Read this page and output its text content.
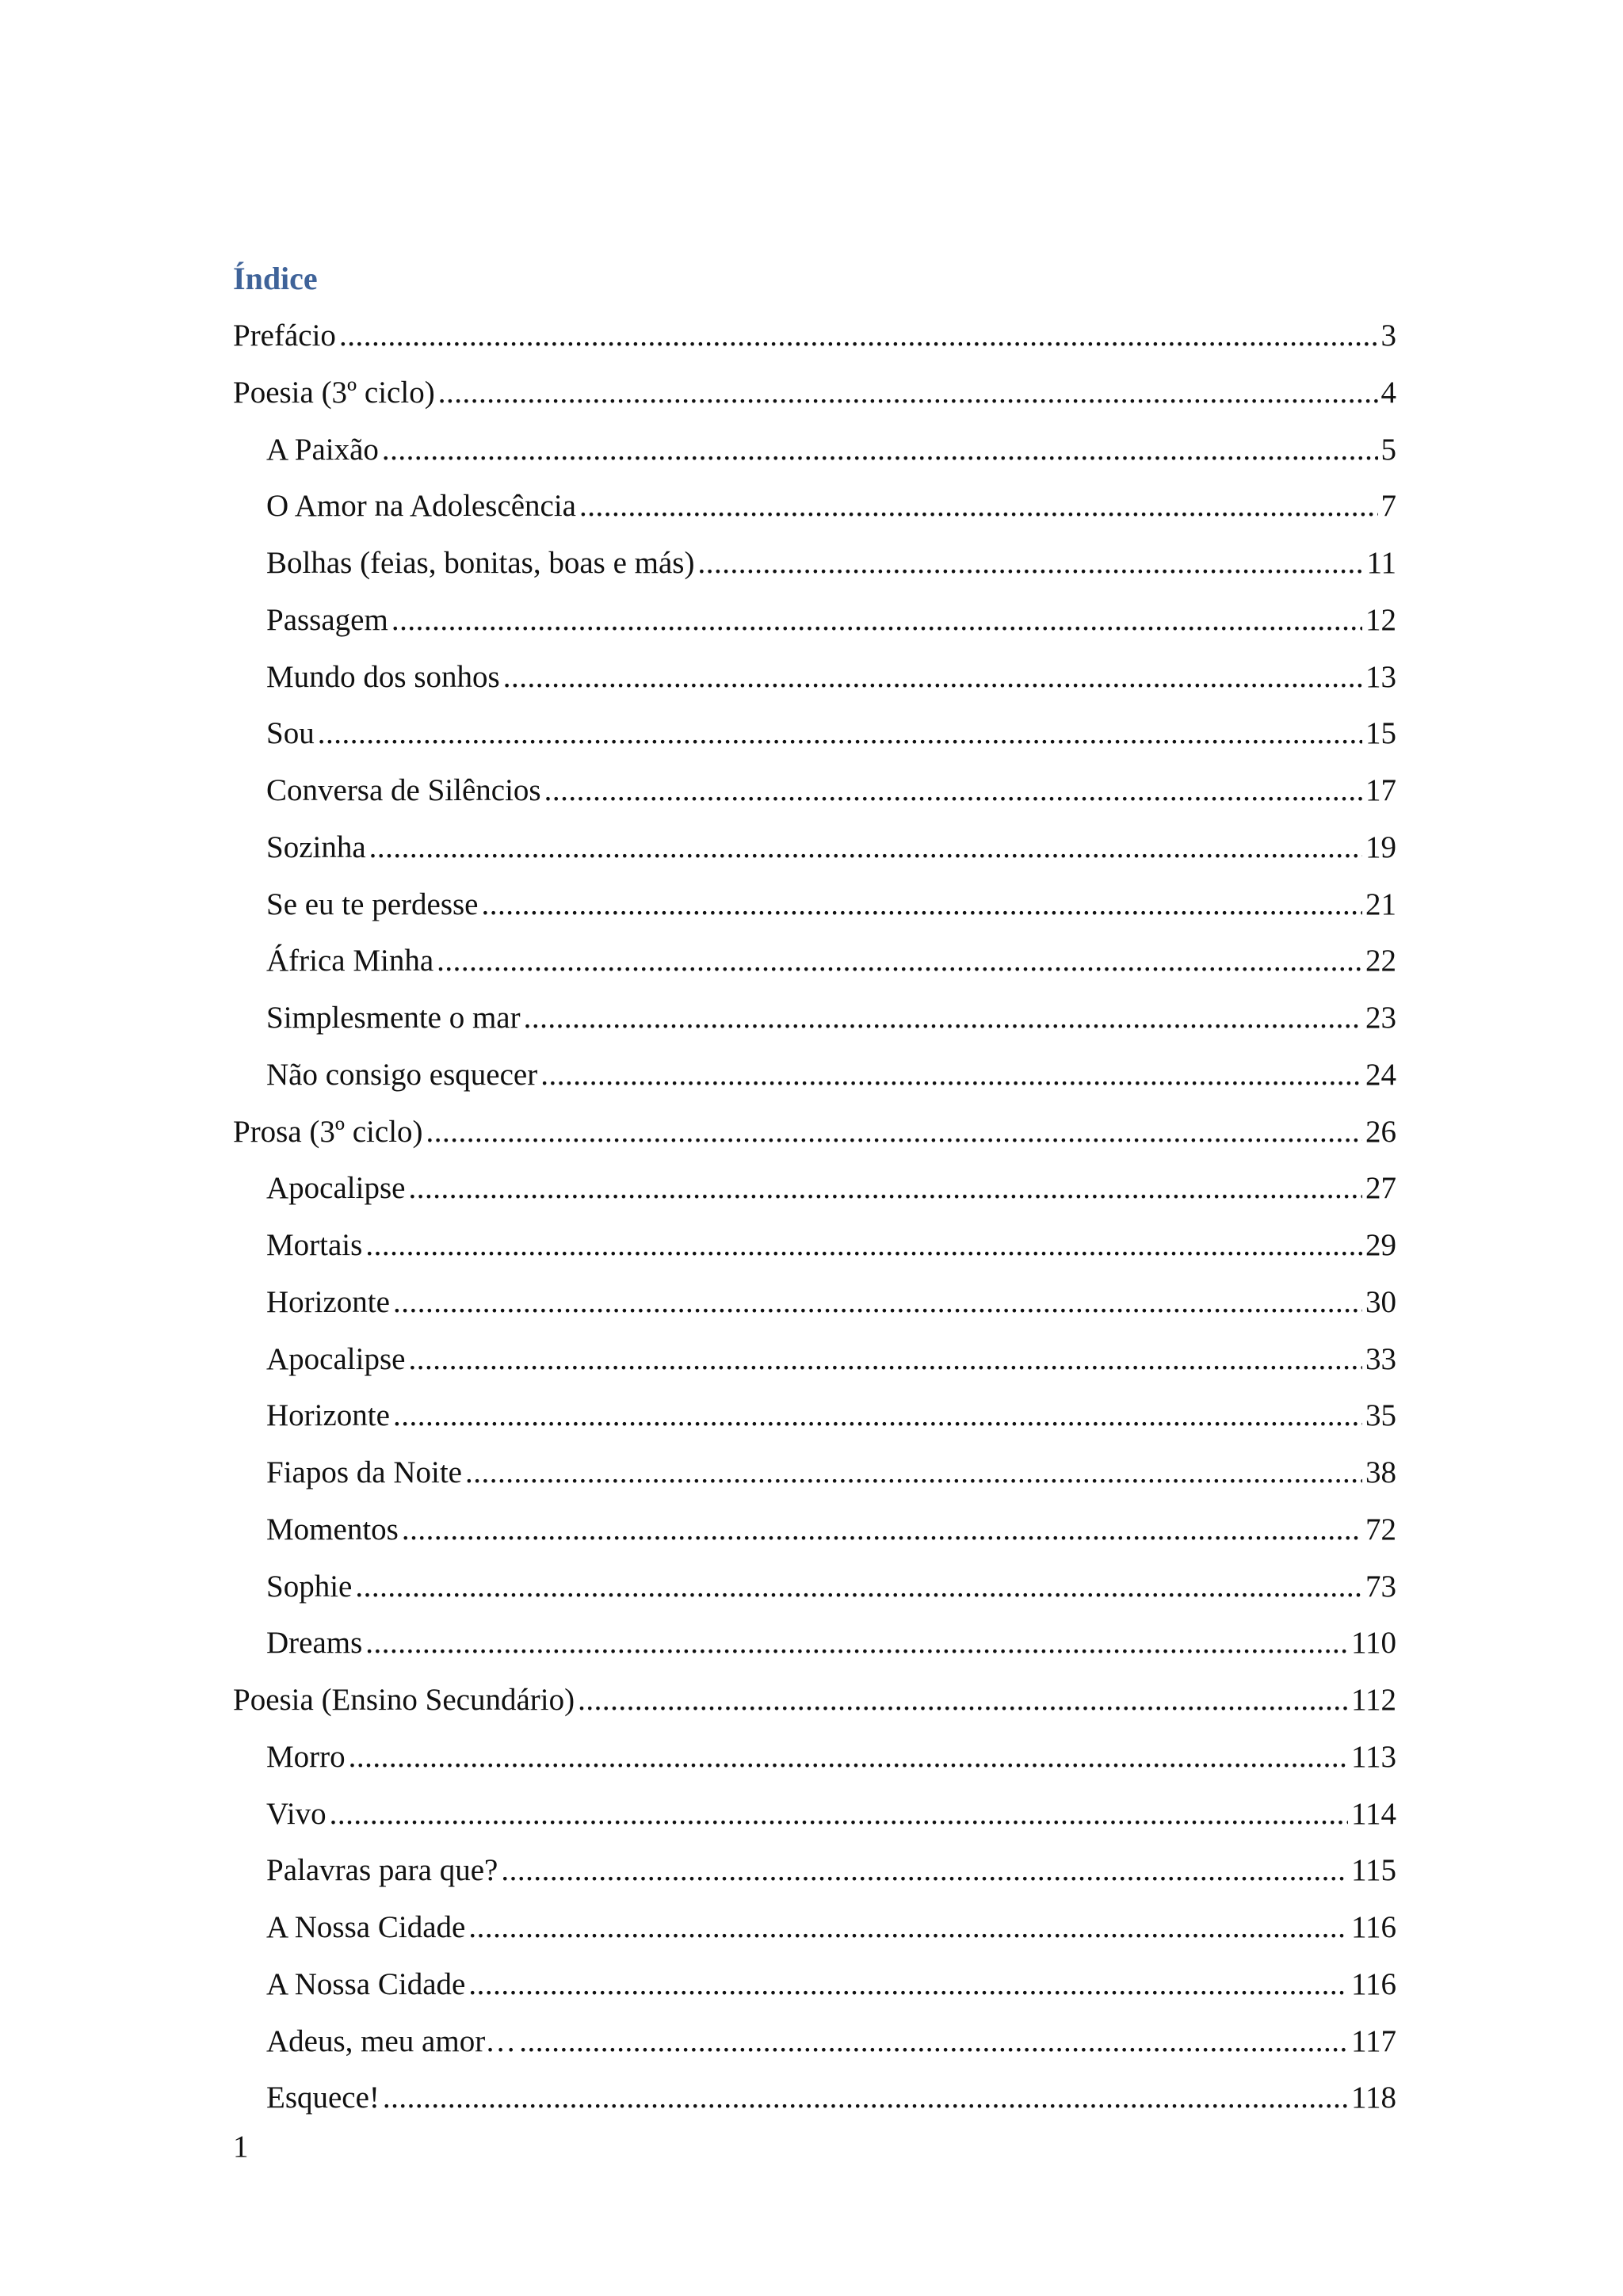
Índice
Prefácio .....	3
Poesia (3º ciclo) .....	4
A Paixão .....	5
O Amor na Adolescência .....	7
Bolhas (feias, bonitas, boas e más) .....	11
Passagem .....	12
Mundo dos sonhos .....	13
Sou .....	15
Conversa de Silêncios .....	17
Sozinha .....	19
Se eu te perdesse .....	21
África Minha .....	22
Simplesmente o mar .....	23
Não consigo esquecer .....	24
Prosa (3º ciclo) .....	26
Apocalipse .....	27
Mortais .....	29
Horizonte .....	30
Apocalipse .....	33
Horizonte .....	35
Fiapos da Noite .....	38
Momentos .....	72
Sophie .....	73
Dreams .....	110
Poesia (Ensino Secundário) .....	112
Morro .....	113
Vivo .....	114
Palavras para que? .....	115
A Nossa Cidade .....	116
A Nossa Cidade .....	116
Adeus, meu amor… .....	117
Esquece! .....	118
1
